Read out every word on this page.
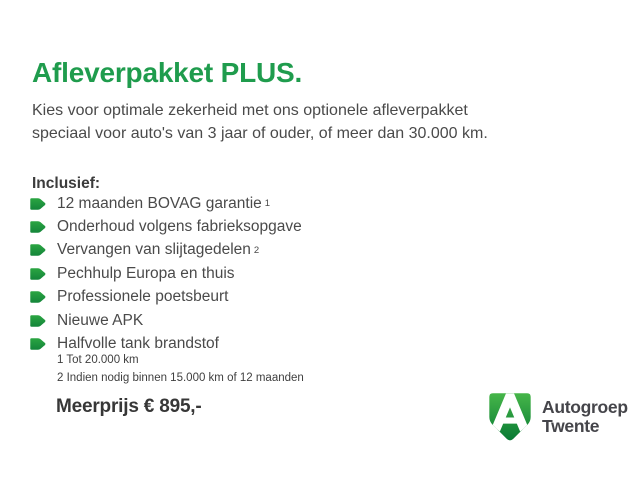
Afleverpakket PLUS.
Kies voor optimale zekerheid met ons optionele afleverpakket
speciaal voor auto's van 3 jaar of ouder, of meer dan 30.000 km.
Inclusief:
12 maanden BOVAG garantie 1
Onderhoud volgens fabrieksopgave
Vervangen van slijtagedelen 2
Pechhulp Europa en thuis
Professionele poetsbeurt
Nieuwe APK
Halfvolle tank brandstof
1 Tot 20.000 km
2 Indien nodig binnen 15.000 km of 12 maanden
Meerprijs € 895,-	Autogroep
Twente
